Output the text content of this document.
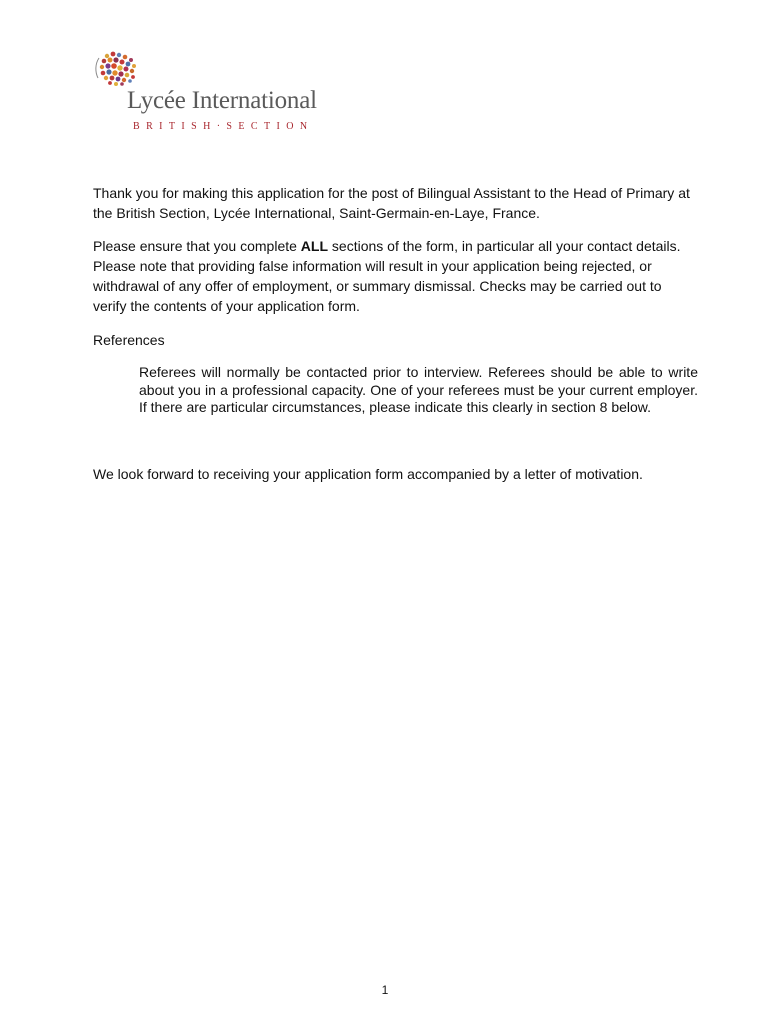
Lycée International
BRITISH·SECTION

Thank you for making this application for the post of Bilingual Assistant to the Head of Primary at the British Section, Lycée International, Saint-Germain-en-Laye, France.

Please ensure that you complete ALL sections of the form, in particular all your contact details. Please note that providing false information will result in your application being rejected, or withdrawal of any offer of employment, or summary dismissal. Checks may be carried out to verify the contents of your application form.

References

Referees will normally be contacted prior to interview. Referees should be able to write about you in a professional capacity. One of your referees must be your current employer. If there are particular circumstances, please indicate this clearly in section 8 below.

We look forward to receiving your application form accompanied by a letter of motivation.

1
